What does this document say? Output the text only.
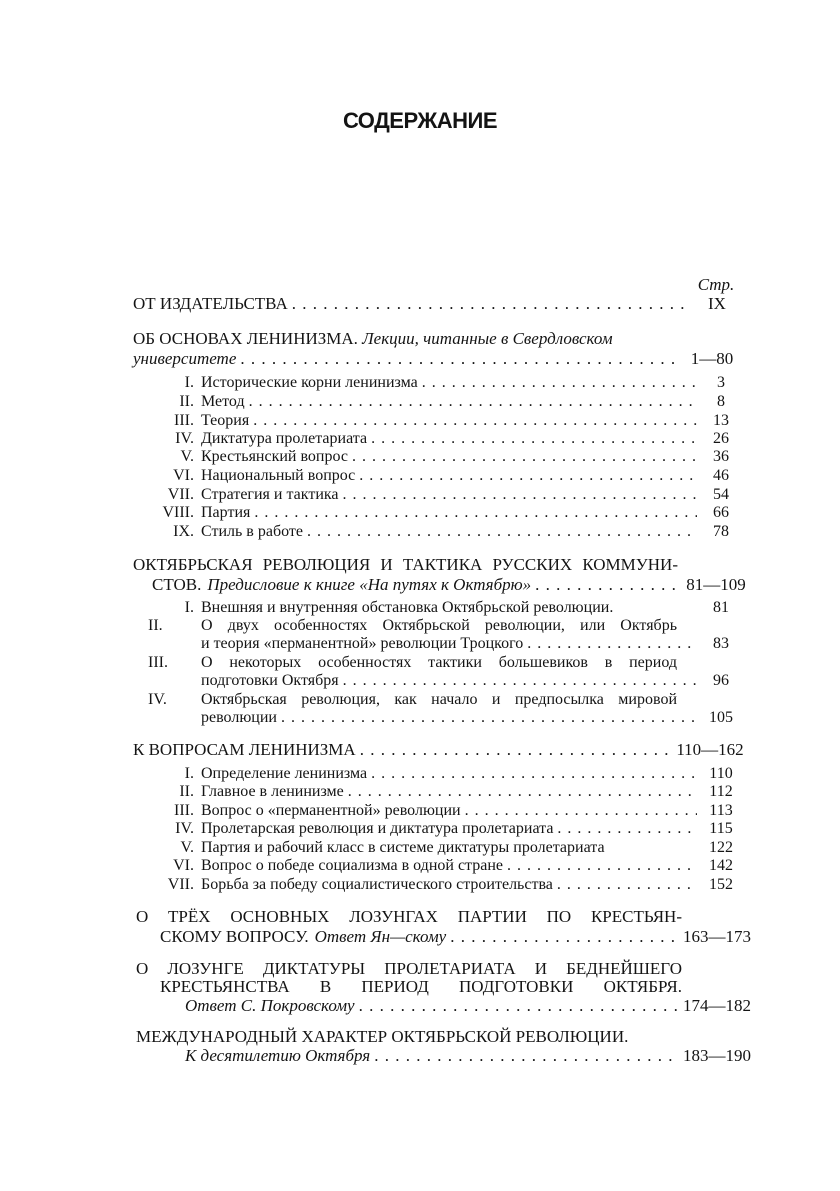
СОДЕРЖАНИЕ
Стр.
ОТ ИЗДАТЕЛЬСТВА . . .	IX
ОБ ОСНОВАХ ЛЕНИНИЗМА. Лекции, читанные в Свердловском
университете . . .	1—80
I. Исторические корни ленинизма . . .	3
II. Метод . . .	8
III. Теория . . .	13
IV. Диктатура пролетариата . . .	26
V. Крестьянский вопрос . . .	36
VI. Национальный вопрос . . .	46
VII. Стратегия и тактика . . .	54
VIII. Партия . . .	66
IX. Стиль в работе . . .	78
ОКТЯБРЬСКАЯ РЕВОЛЮЦИЯ И ТАКТИКА РУССКИХ КОММУНИ-
СТОВ. Предисловие к книге «На путях к Октябрю» . . .	81—109
I. Внешняя и внутренняя обстановка Октябрьской революции.	81
II.	О двух особенностях Октябрьской революции, или Октябрь
и теория «перманентной» революции Троцкого . . .	83
III.	О некоторых особенностях тактики большевиков в период
подготовки Октября . . .	96
IV.	Октябрьская революция, как начало и предпосылка мировой
революции . . .	105
К ВОПРОСАМ ЛЕНИНИЗМА . . .	110—162
I. Определение ленинизма . . .	110
II. Главное в ленинизме . . .	112
III. Вопрос о «перманентной» революции . . .	113
IV. Пролетарская революция и диктатура пролетариата . . .	115
V. Партия и рабочий класс в системе диктатуры пролетариата	122
VI. Вопрос о победе социализма в одной стране . . .	142
VII. Борьба за победу социалистического строительства . . .	152
О ТРЁХ ОСНОВНЫХ ЛОЗУНГАХ ПАРТИИ ПО КРЕСТЬЯН-
СКОМУ ВОПРОСУ. Ответ Ян—скому . . .	163—173
О ЛОЗУНГЕ ДИКТАТУРЫ ПРОЛЕТАРИАТА И БЕДНЕЙШЕГО
КРЕСТЬЯНСТВА В ПЕРИОД ПОДГОТОВКИ ОКТЯБРЯ.
Ответ С. Покровскому . . .	174—182
МЕЖДУНАРОДНЫЙ ХАРАКТЕР ОКТЯБРЬСКОЙ РЕВОЛЮЦИИ.
К десятилетию Октября . . .	183—190
